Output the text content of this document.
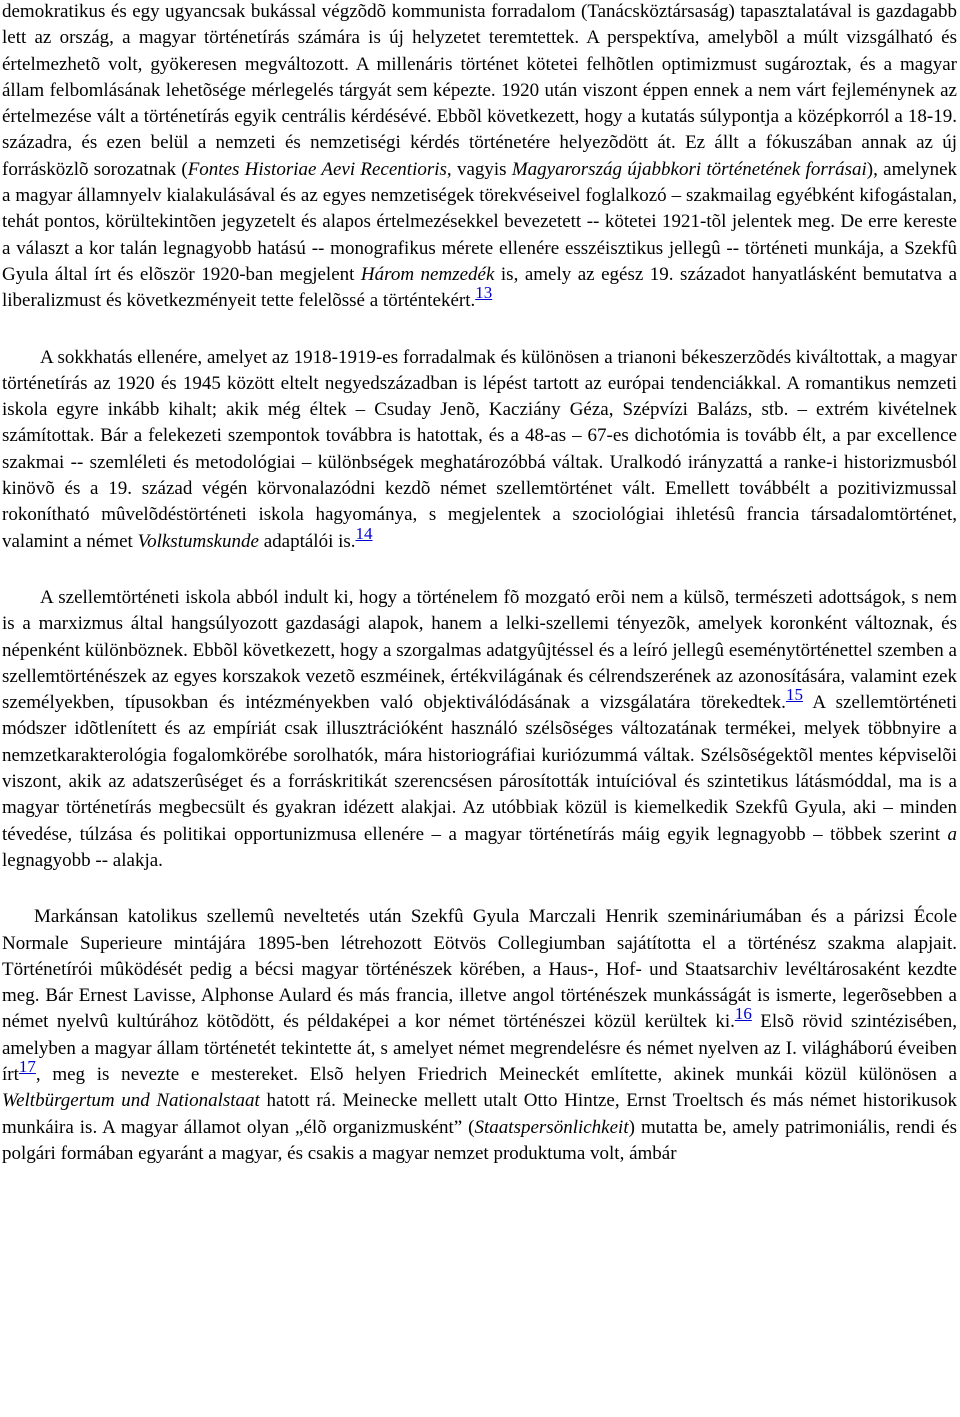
demokratikus és egy ugyancsak bukással végzõdõ kommunista forradalom (Tanácsköztársaság) tapasztalatával is gazdagabb lett az ország, a magyar történetírás számára is új helyzetet teremtettek. A perspektíva, amelybõl a múlt vizsgálható és értelmezhetõ volt, gyökeresen megváltozott. A millenáris történet kötetei felhõtlen optimizmust sugároztak, és a magyar állam felbomlásának lehetõsége mérlegelés tárgyát sem képezte. 1920 után viszont éppen ennek a nem várt fejleménynek az értelmezése vált a történetírás egyik centrális kérdésévé. Ebbõl következett, hogy a kutatás súlypontja a középkorról a 18-19. századra, és ezen belül a nemzeti és nemzetiségi kérdés történetére helyezõdött át. Ez állt a fókuszában annak az új forrásközlõ sorozatnak (Fontes Historiae Aevi Recentioris, vagyis Magyarország újabbkori történetének forrásai), amelynek a magyar államnyelv kialakulásával és az egyes nemzetiségek törekvéseivel foglalkozó – szakmailag egyébként kifogástalan, tehát pontos, körültekintõen jegyzetelt és alapos értelmezésekkel bevezetett -- kötetei 1921-tõl jelentek meg. De erre kereste a választ a kor talán legnagyobb hatású -- monografikus mérete ellenére esszéisztikus jellegû -- történeti munkája, a Szekfû Gyula által írt és elõször 1920-ban megjelent Három nemzedék is, amely az egész 19. századot hanyatlásként bemutatva a liberalizmust és következményeit tette felelõssé a történtekért.13

A sokkhatás ellenére, amelyet az 1918-1919-es forradalmak és különösen a trianoni békeszerzõdés kiváltottak, a magyar történetírás az 1920 és 1945 között eltelt negyedszázadban is lépést tartott az európai tendenciákkal. A romantikus nemzeti iskola egyre inkább kihalt; akik még éltek – Csuday Jenõ, Kacziány Géza, Szépvízi Balázs, stb. – extrém kivételnek számítottak. Bár a felekezeti szempontok továbbra is hatottak, és a 48-as – 67-es dichotómia is tovább élt, a par excellence szakmai -- szemléleti és metodológiai – különbségek meghatározóbbá váltak. Uralkodó irányzattá a ranke-i historizmusból kinövõ és a 19. század végén körvonalazódni kezdõ német szellemtörténet vált. Emellett továbbélt a pozitivizmussal rokonítható mûvelõdéstörténeti iskola hagyománya, s megjelentek a szociológiai ihletésû francia társadalomtörténet, valamint a német Volkstumskunde adaptálói is.14

A szellemtörténeti iskola abból indult ki, hogy a történelem fõ mozgató erõi nem a külsõ, természeti adottságok, s nem is a marxizmus által hangsúlyozott gazdasági alapok, hanem a lelki-szellemi tényezõk, amelyek koronként változnak, és népenként különböznek. Ebbõl következett, hogy a szorgalmas adatgyûjtéssel és a leíró jellegû eseménytörténettel szemben a szellemtörténészek az egyes korszakok vezetõ eszméinek, értékvilágának és célrendszerének az azonosítására, valamint ezek személyekben, típusokban és intézményekben való objektiválódásának a vizsgálatára törekedtek.15 A szellemtörténeti módszer idõtlenített és az empíriát csak illusztrációként használó szélsõséges változatának termékei, melyek többnyire a nemzetkarakterológia fogalomkörébe sorolhatók, mára historiográfiai kuriózummá váltak. Szélsõségektõl mentes képviselõi viszont, akik az adatszerûséget és a forráskritikát szerencsésen párosították intuícióval és szintetikus látásmóddal, ma is a magyar történetírás megbecsült és gyakran idézett alakjai. Az utóbbiak közül is kiemelkedik Szekfû Gyula, aki – minden tévedése, túlzása és politikai opportunizmusa ellenére – a magyar történetírás máig egyik legnagyobb – többek szerint a legnagyobb -- alakja.

Markánsan katolikus szellemû neveltetés után Szekfû Gyula Marczali Henrik szemináriumában és a párizsi École Normale Superieure mintájára 1895-ben létrehozott Eötvös Collegiumban sajátította el a történész szakma alapjait. Történetírói mûködését pedig a bécsi magyar történészek körében, a Haus-, Hof- und Staatsarchiv levéltárosaként kezdte meg. Bár Ernest Lavisse, Alphonse Aulard és más francia, illetve angol történészek munkásságát is ismerte, legerõsebben a német nyelvû kultúrához kötõdött, és példaképei a kor német történészei közül kerültek ki.16 Elsõ rövid szintézisében, amelyben a magyar állam történetét tekintette át, s amelyet német megrendelésre és német nyelven az I. világháború éveiben írt17, meg is nevezte e mestereket. Elsõ helyen Friedrich Meineckét említette, akinek munkái közül különösen a Weltbürgertum und Nationalstaat hatott rá. Meinecke mellett utalt Otto Hintze, Ernst Troeltsch és más német historikusok munkáira is. A magyar államot olyan „élõ organizmusként” (Staatspersönlichkeit) mutatta be, amely patrimoniális, rendi és polgári formában egyaránt a magyar, és csakis a magyar nemzet produktuma volt, ámbár
